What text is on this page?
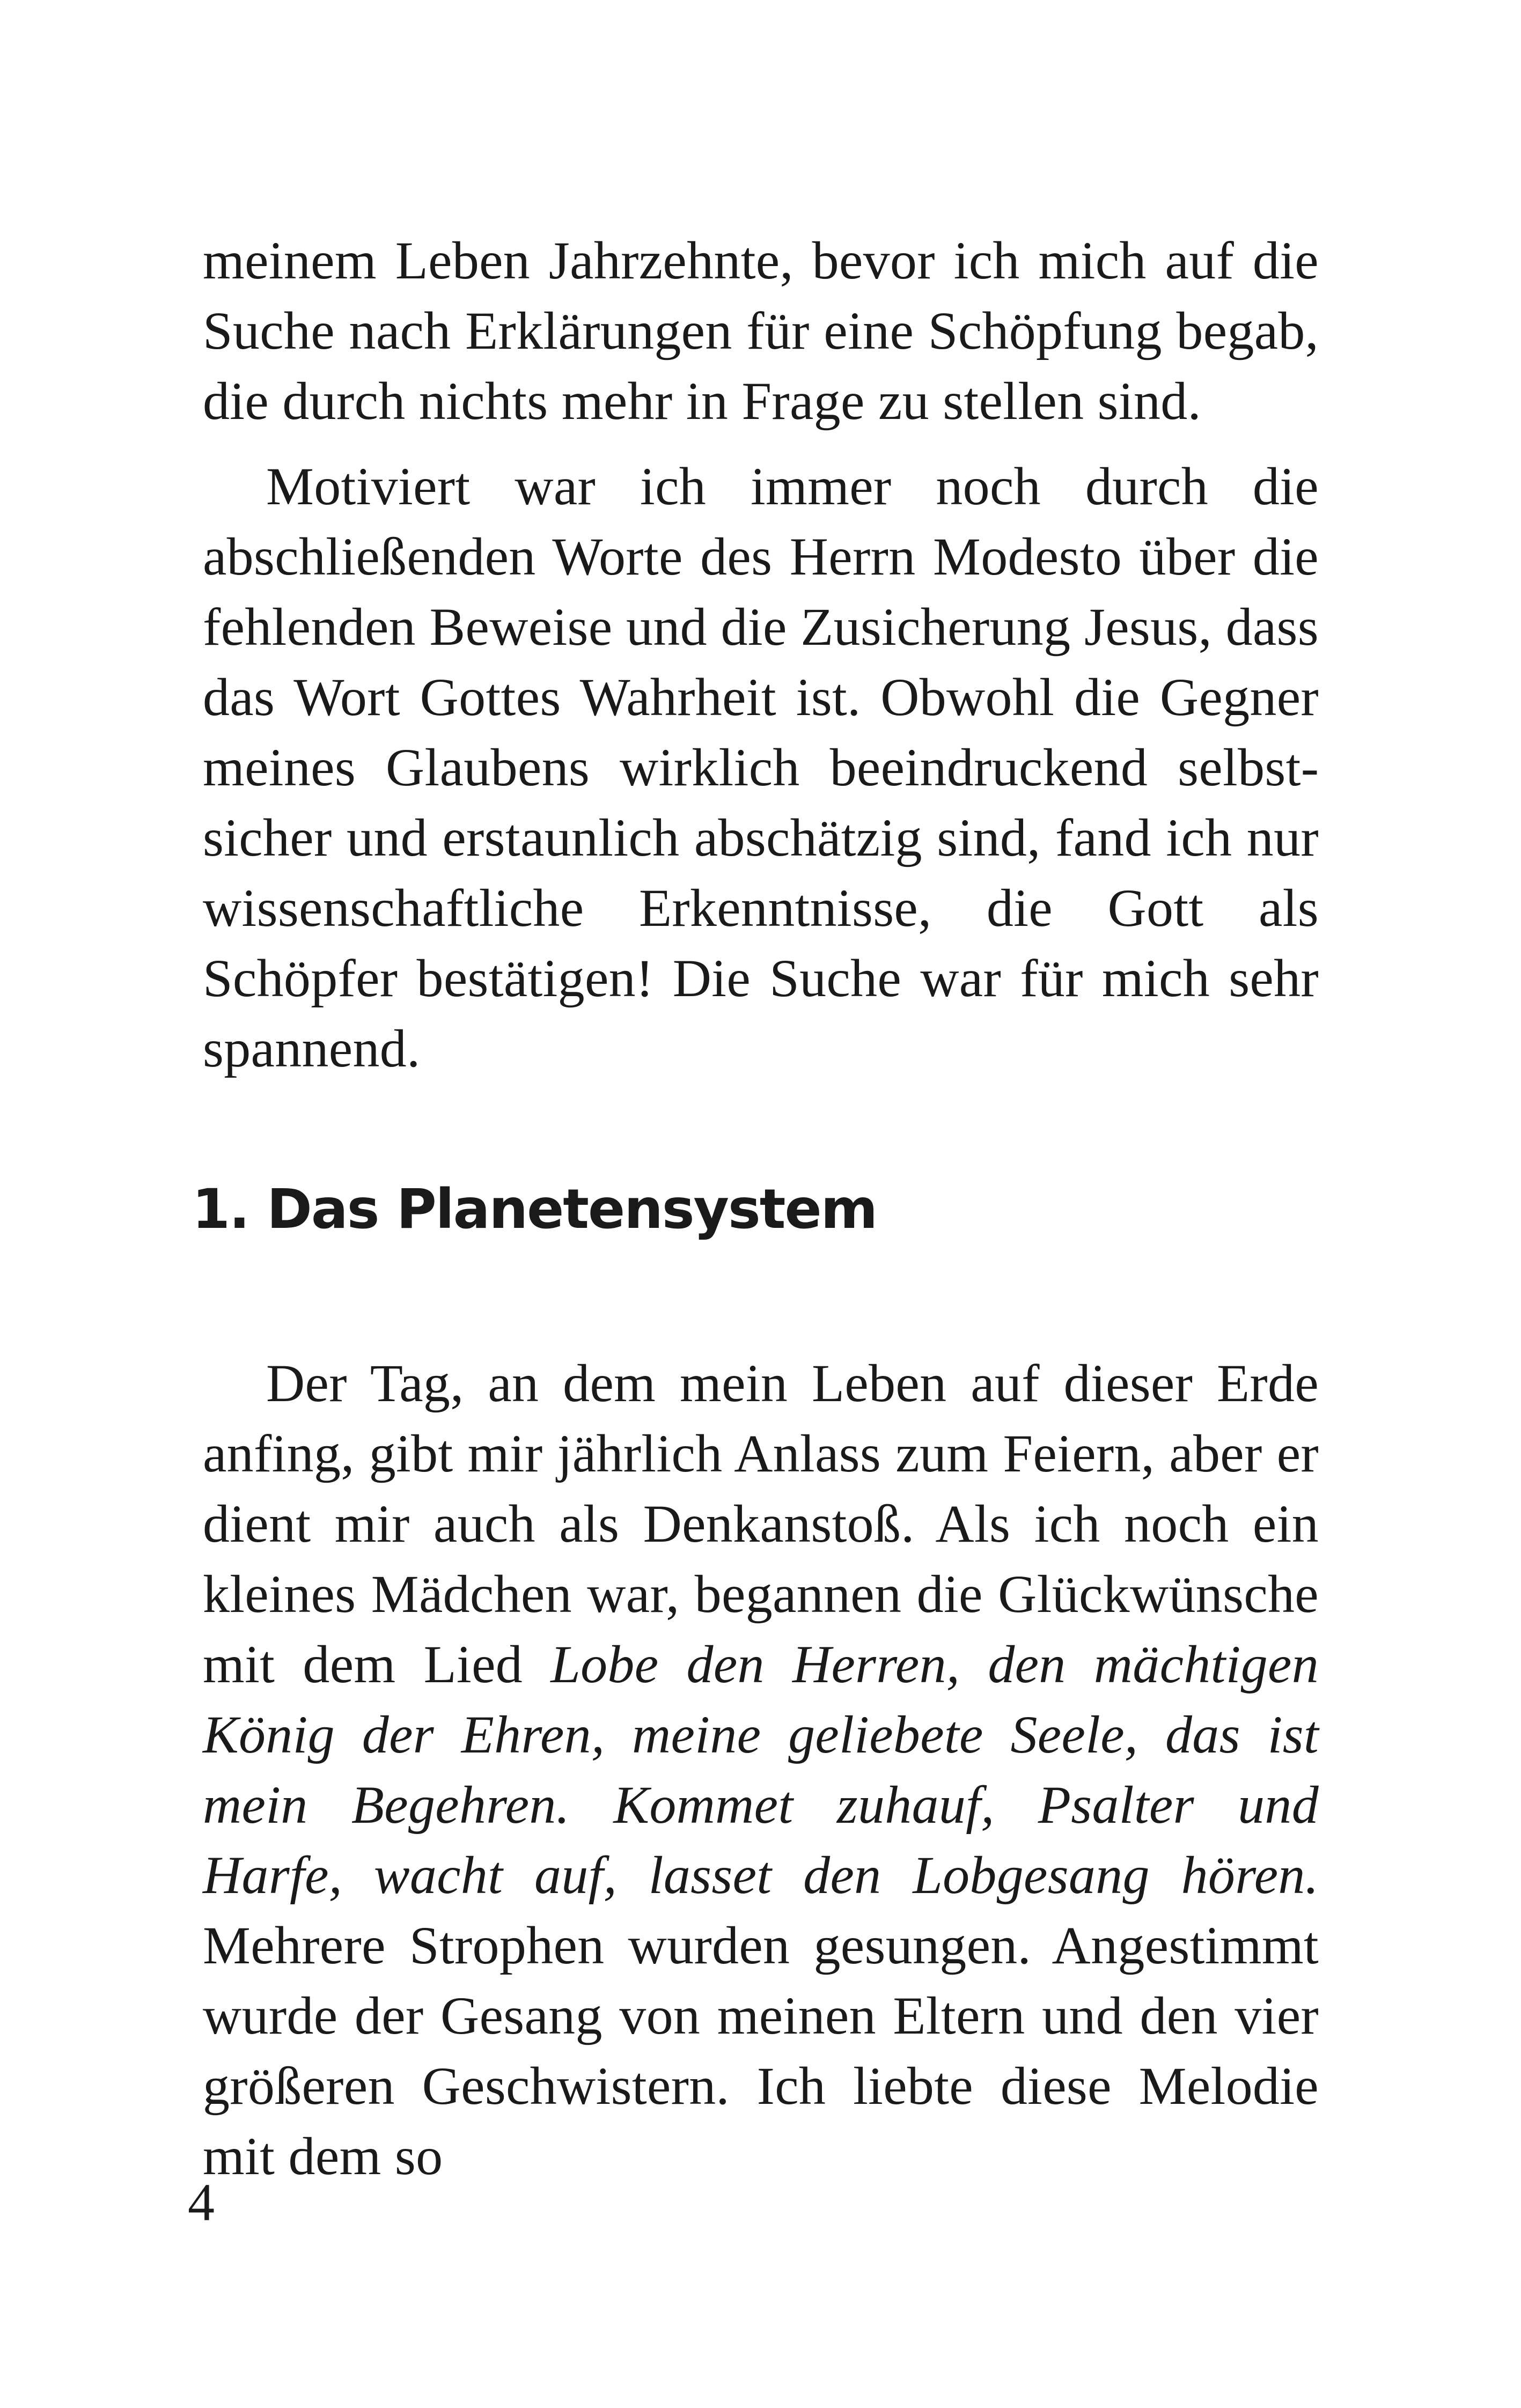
meinem Leben Jahrzehnte, bevor ich mich auf die Suche nach Erklärungen für eine Schöpfung begab, die durch nichts mehr in Frage zu stellen sind.

Motiviert war ich immer noch durch die abschließenden Worte des Herrn Modesto über die fehlenden Beweise und die Zusicherung Jesus, dass das Wort Gottes Wahrheit ist. Obwohl die Gegner meines Glaubens wirklich beeindruckend selbstsicher und erstaunlich abschätzig sind, fand ich nur wissenschaftliche Erkenntnisse, die Gott als Schöpfer bestätigen! Die Suche war für mich sehr spannend.

1. Das Planetensystem

Der Tag, an dem mein Leben auf dieser Erde anfing, gibt mir jährlich Anlass zum Feiern, aber er dient mir auch als Denkanstoß. Als ich noch ein kleines Mädchen war, begannen die Glückwünsche mit dem Lied Lobe den Herren, den mächtigen König der Ehren, meine geliebete Seele, das ist mein Begehren. Kommet zuhauf, Psalter und Harfe, wacht auf, lasset den Lobgesang hören. Mehrere Strophen wurden gesungen. Angestimmt wurde der Gesang von meinen Eltern und den vier größeren Geschwistern. Ich liebte diese Melodie mit dem so

4
